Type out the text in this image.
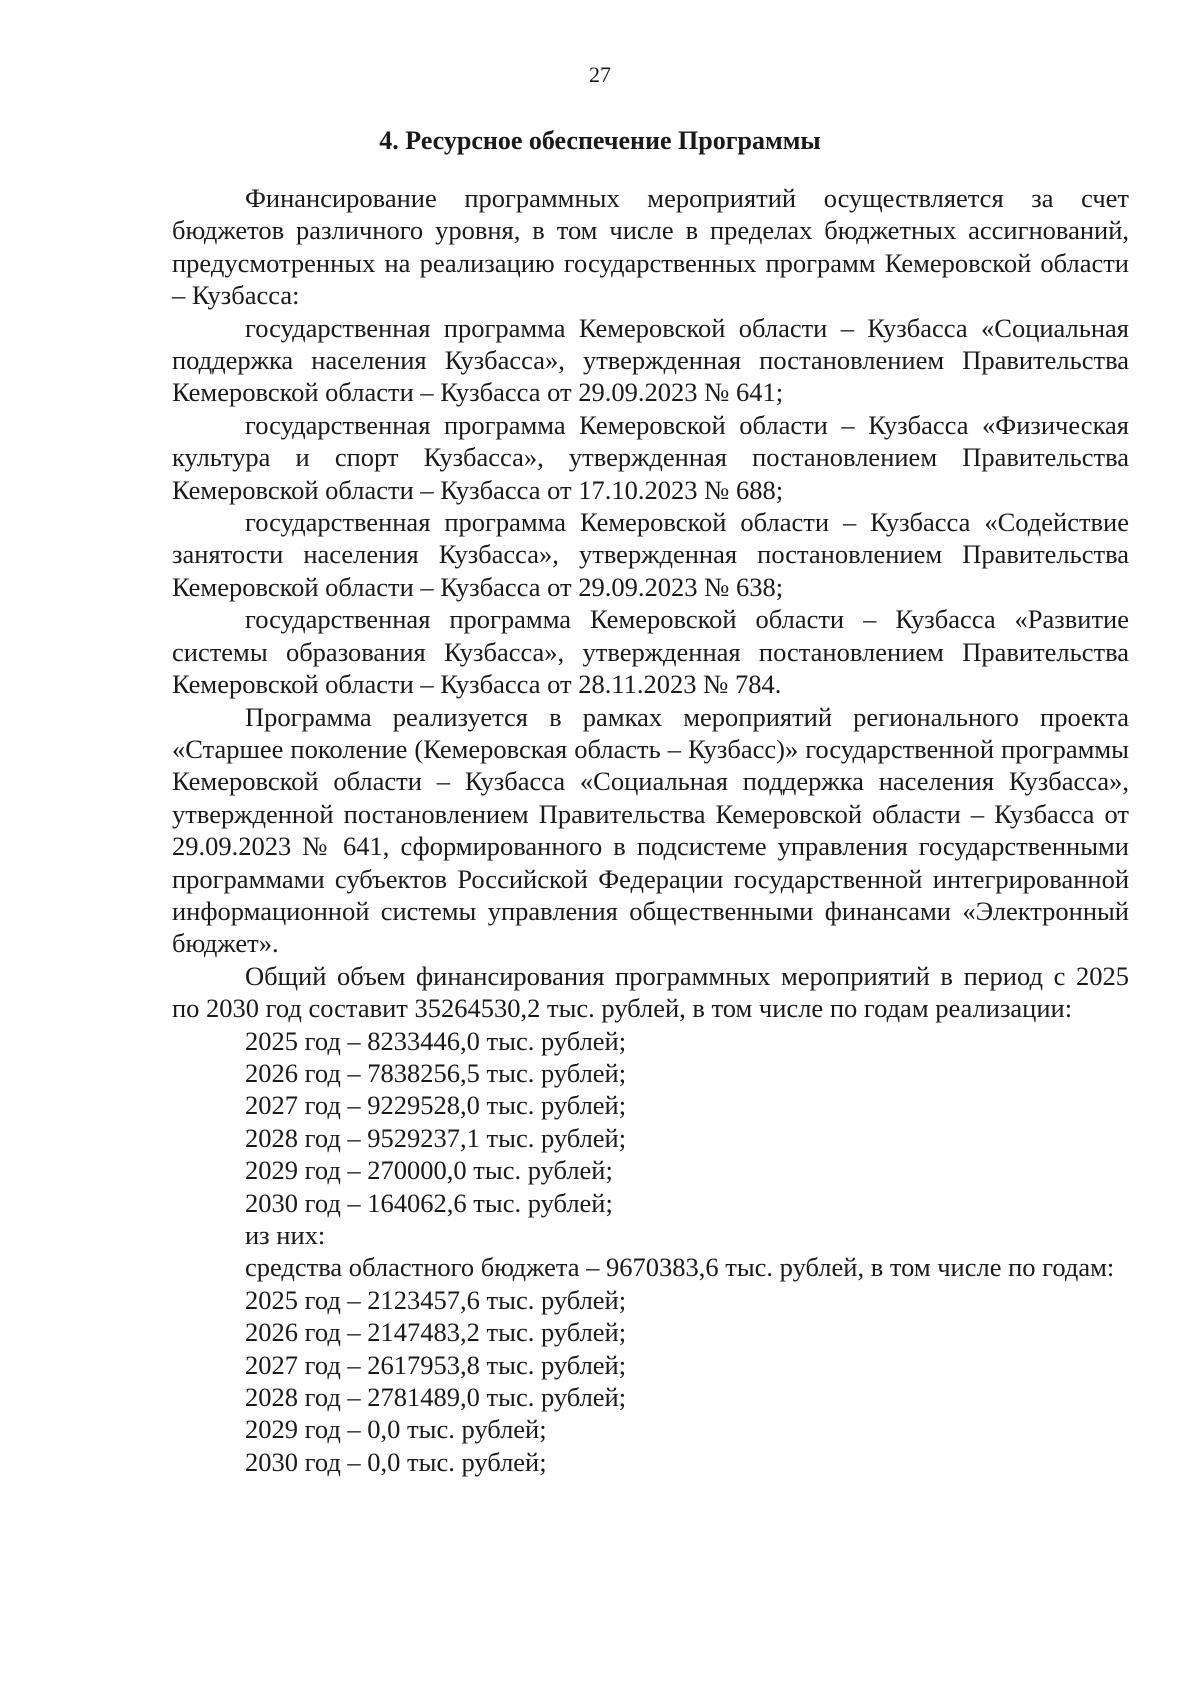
27
4. Ресурсное обеспечение Программы

Финансирование программных мероприятий осуществляется за счет бюджетов различного уровня, в том числе в пределах бюджетных ассигнований, предусмотренных на реализацию государственных программ Кемеровской области – Кузбасса:

государственная программа Кемеровской области – Кузбасса «Социальная поддержка населения Кузбасса», утвержденная постановлением Правительства Кемеровской области – Кузбасса от 29.09.2023 № 641;

государственная программа Кемеровской области – Кузбасса «Физическая культура и спорт Кузбасса», утвержденная постановлением Правительства Кемеровской области – Кузбасса от 17.10.2023 № 688;

государственная программа Кемеровской области – Кузбасса «Содействие занятости населения Кузбасса», утвержденная постановлением Правительства Кемеровской области – Кузбасса от 29.09.2023 № 638;

государственная программа Кемеровской области – Кузбасса «Развитие системы образования Кузбасса», утвержденная постановлением Правительства Кемеровской области – Кузбасса от 28.11.2023 № 784.

Программа реализуется в рамках мероприятий регионального проекта «Старшее поколение (Кемеровская область – Кузбасс)» государственной программы Кемеровской области – Кузбасса «Социальная поддержка населения Кузбасса», утвержденной постановлением Правительства Кемеровской области – Кузбасса от 29.09.2023 № 641, сформированного в подсистеме управления государственными программами субъектов Российской Федерации государственной интегрированной информационной системы управления общественными финансами «Электронный бюджет».

Общий объем финансирования программных мероприятий в период с 2025 по 2030 год составит 35264530,2 тыс. рублей, в том числе по годам реализации:

2025 год – 8233446,0 тыс. рублей;

2026 год – 7838256,5 тыс. рублей;

2027 год – 9229528,0 тыс. рублей;

2028 год – 9529237,1 тыс. рублей;

2029 год – 270000,0 тыс. рублей;

2030 год – 164062,6 тыс. рублей;

из них:

средства областного бюджета – 9670383,6 тыс. рублей, в том числе по годам:

2025 год – 2123457,6 тыс. рублей;

2026 год – 2147483,2 тыс. рублей;

2027 год – 2617953,8 тыс. рублей;

2028 год – 2781489,0 тыс. рублей;

2029 год – 0,0 тыс. рублей;

2030 год – 0,0 тыс. рублей;
